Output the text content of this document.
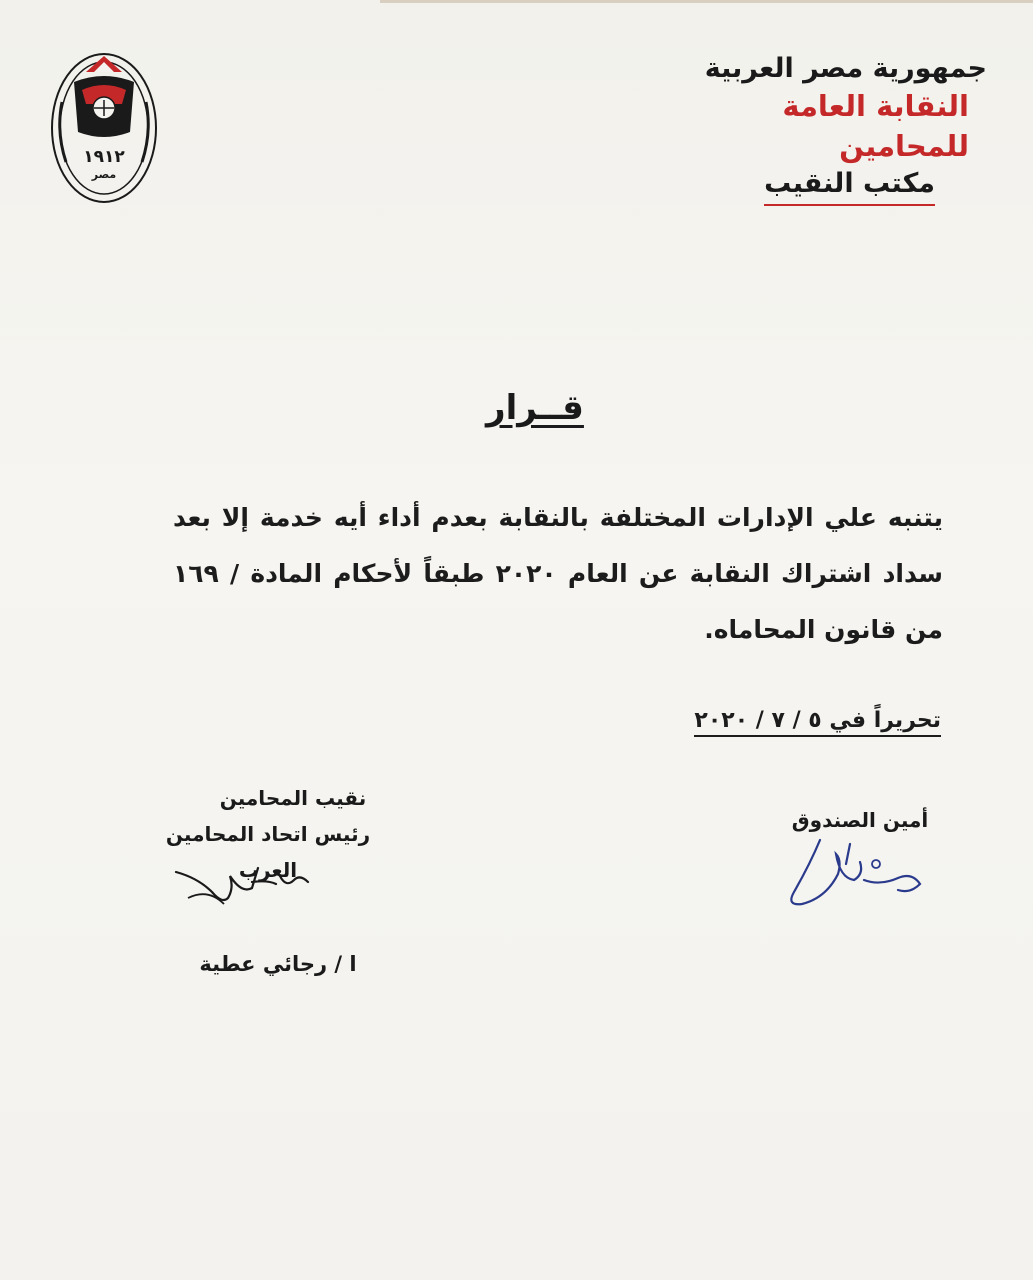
١٩١٢
مصر
جمهورية مصر العربية
النقابة العامة للمحامين
مكتب النقيب
قــرار
يتنبه علي الإدارات المختلفة بالنقابة بعدم أداء أيه خدمة إلا بعد سداد اشتراك النقابة عن العام ٢٠٢٠ طبقاً لأحكام المادة / ١٦٩ من قانون المحاماه.
تحريراً في ٥ / ٧ / ٢٠٢٠
نقيب المحامين
رئيس اتحاد المحامين العرب
ا / رجائي عطية
أمين الصندوق
